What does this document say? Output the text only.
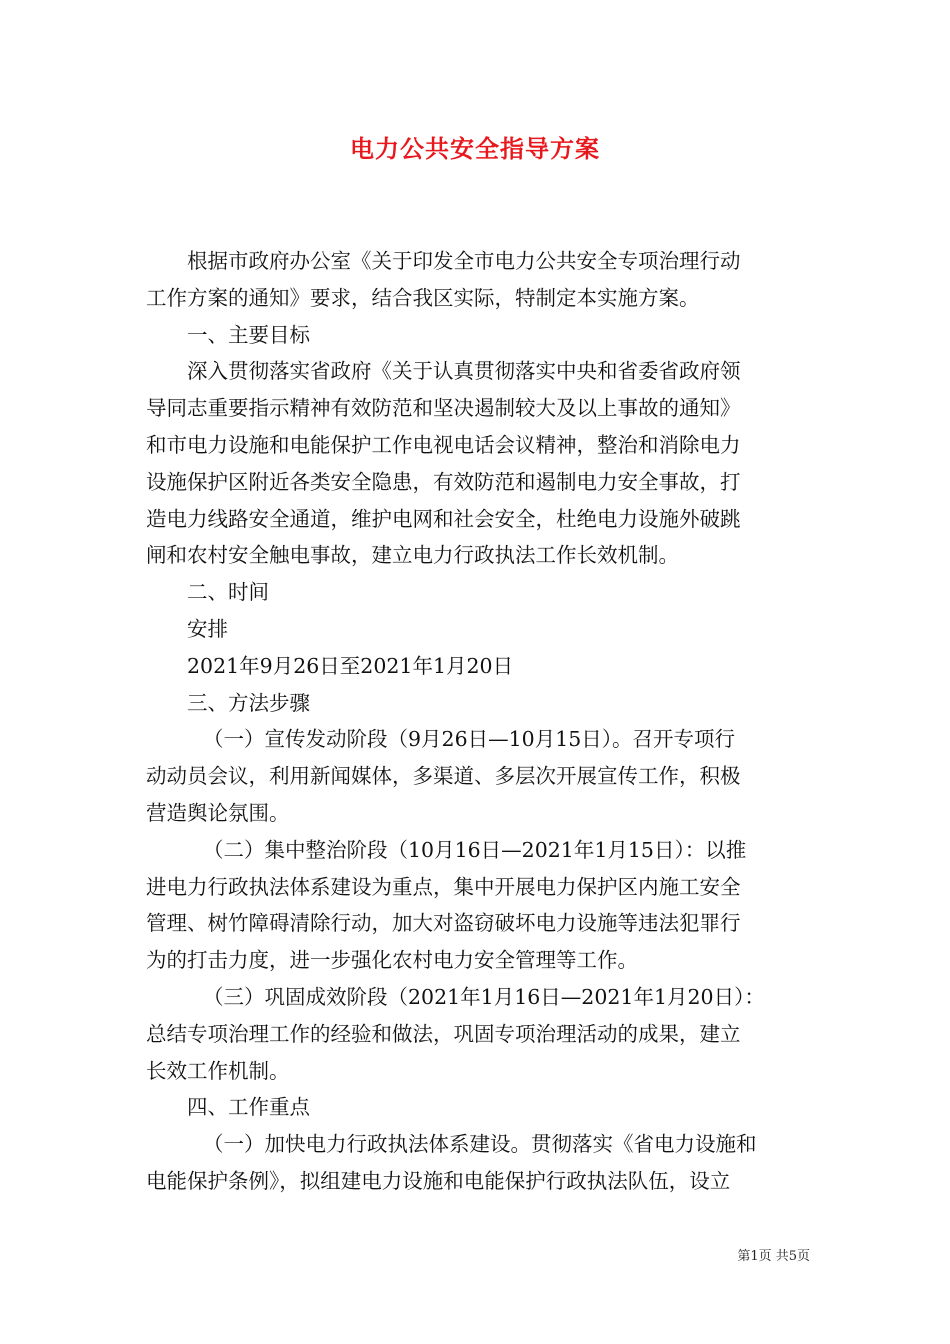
电力公共安全指导方案
根据市政府办公室《关于印发全市电力公共安全专项治理行动
工作方案的通知》要求，结合我区实际，特制定本实施方案。
一、主要目标
深入贯彻落实省政府《关于认真贯彻落实中央和省委省政府领
导同志重要指示精神有效防范和坚决遏制较大及以上事故的通知》
和市电力设施和电能保护工作电视电话会议精神，整治和消除电力
设施保护区附近各类安全隐患，有效防范和遏制电力安全事故，打
造电力线路安全通道，维护电网和社会安全，杜绝电力设施外破跳
闸和农村安全触电事故，建立电力行政执法工作长效机制。
二、时间
安排
2021年9月26日至2021年1月20日
三、方法步骤
（一）宣传发动阶段（9月26日—10月15日）。召开专项行
动动员会议，利用新闻媒体，多渠道、多层次开展宣传工作，积极
营造舆论氛围。
（二）集中整治阶段（10月16日—2021年1月15日）：以推
进电力行政执法体系建设为重点，集中开展电力保护区内施工安全
管理、树竹障碍清除行动，加大对盗窃破坏电力设施等违法犯罪行
为的打击力度，进一步强化农村电力安全管理等工作。
（三）巩固成效阶段（2021年1月16日—2021年1月20日）：
总结专项治理工作的经验和做法，巩固专项治理活动的成果，建立
长效工作机制。
四、工作重点
（一）加快电力行政执法体系建设。贯彻落实《省电力设施和
电能保护条例》，拟组建电力设施和电能保护行政执法队伍，设立
第1页 共5页
